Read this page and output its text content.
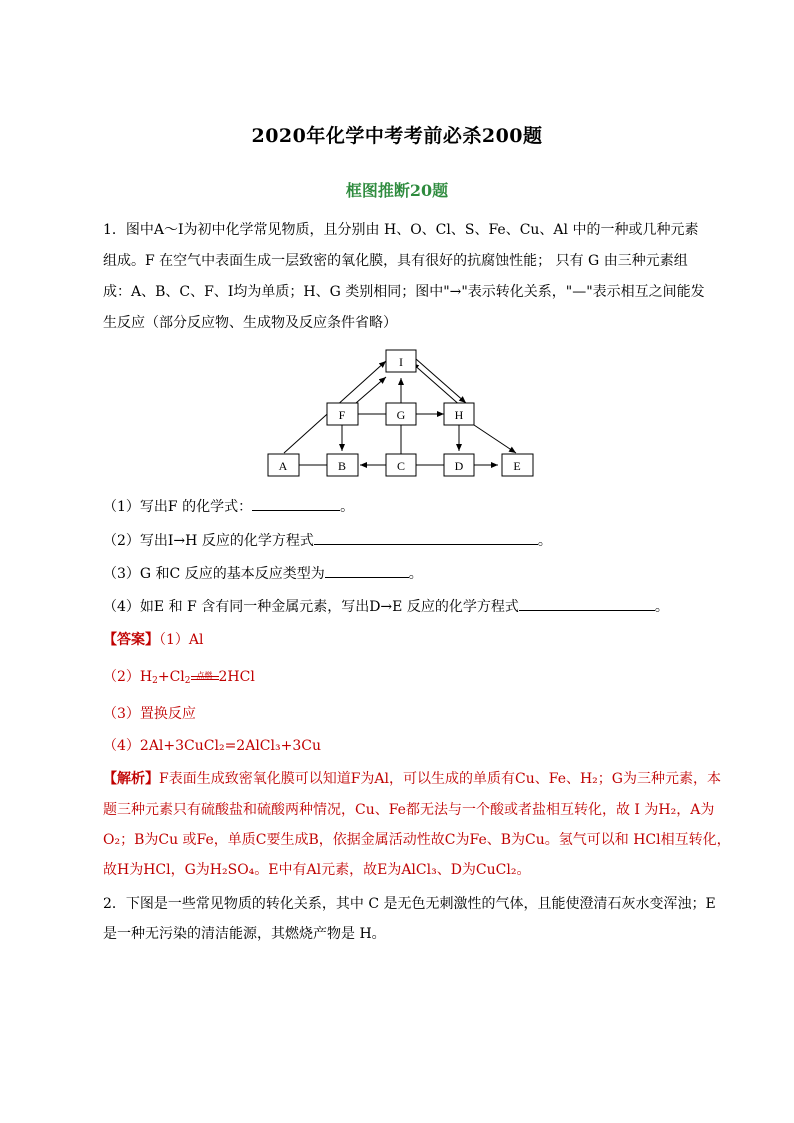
2020年化学中考考前必杀200题
框图推断20题
1．图中A～I为初中化学常见物质，且分别由 H、O、Cl、S、Fe、Cu、Al 中的一种或几种元素组成。F 在空气中表面生成一层致密的氧化膜，具有很好的抗腐蚀性能； 只有 G 由三种元素组成：A、B、C、F、I均为单质；H、G 类别相同；图中"→"表示转化关系，"—"表示相互之间能发生反应（部分反应物、生成物及反应条件省略）
I
F	G	H
A	B	C	D	E
（1）写出F 的化学式：	。
（2）写出I→H 反应的化学方程式	。
（3）G 和C 反应的基本反应类型为	。
（4）如E 和 F 含有同一种金属元素，写出D→E 反应的化学方程式	。
【答案】（1）Al
$(2)H_2+Cl_2$
点燃 2HCl
（3）置换反应
（4）2Al+3CuCl₂=2AlCl₃+3Cu
【解析】F表面生成致密氧化膜可以知道F为Al，可以生成的单质有Cu、Fe、H₂；G为三种元素，本
题三种元素只有硫酸盐和硫酸两种情况，Cu、Fe都无法与一个酸或者盐相互转化，故 I 为H₂，A为
O₂；B为Cu 或Fe，单质C要生成B，依据金属活动性故C为Fe、B为Cu。氢气可以和 HCl相互转化，
故H为HCl，G为H₂SO₄。E中有Al元素，故E为AlCl₃、D为CuCl₂。
2．下图是一些常见物质的转化关系，其中 C 是无色无刺激性的气体，且能使澄清石灰水变浑浊；E
是一种无污染的清洁能源，其燃烧产物是 H。
